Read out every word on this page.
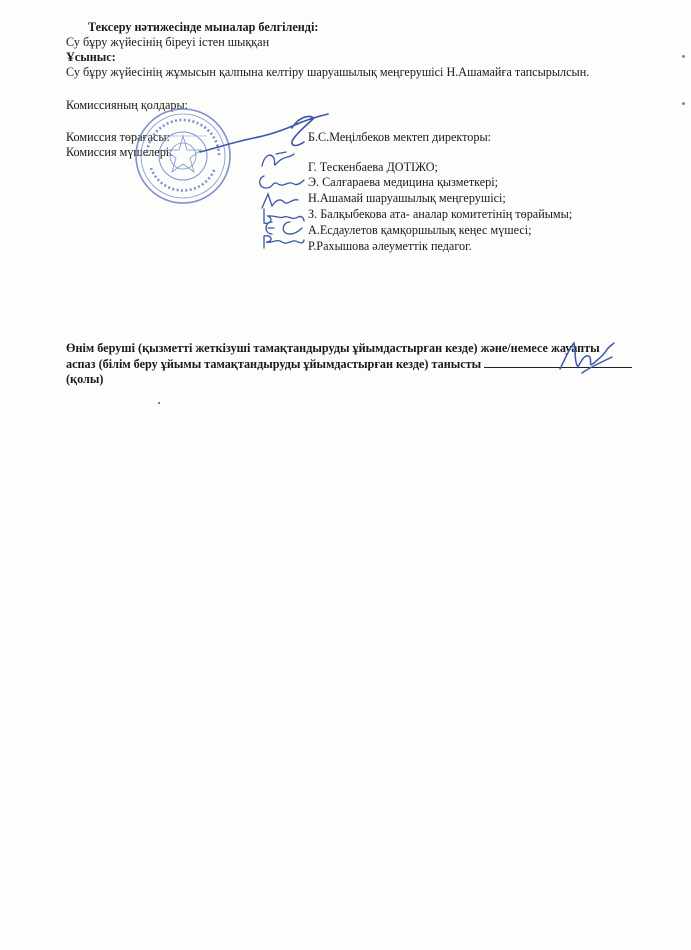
Тексеру нәтижесінде мыналар белгіленді:
Су бұру жүйесінің біреуі істен шыққан
Ұсыныс:
Су бұру жүйесінің жұмысын қалпына келтіру шаруашылық меңгерушісі Н.Ашамайға тапсырылсын.
Комиссияның қолдары:
Комиссия төрағасы:
Комиссия мүшелері:
Б.С.Меңілбеков мектеп директоры:
Г. Тескенбаева ДОТІЖО;
Э. Салғараева медицина қызметкері;
Н.Ашамай шаруашылық меңгерушісі;
З. Балқыбекова ата- аналар комитетінің төрайымы;
А.Есдаулетов қамқоршылық кеңес мүшесі;
Р.Рахышова әлеуметтік педагог.
Өнім беруші (қызметті жеткізуші тамақтандыруды ұйымдастырған кезде) және/немесе жауапты
аспаз (білім беру ұйымы тамақтандыруды ұйымдастырған кезде) танысты
(қолы)
